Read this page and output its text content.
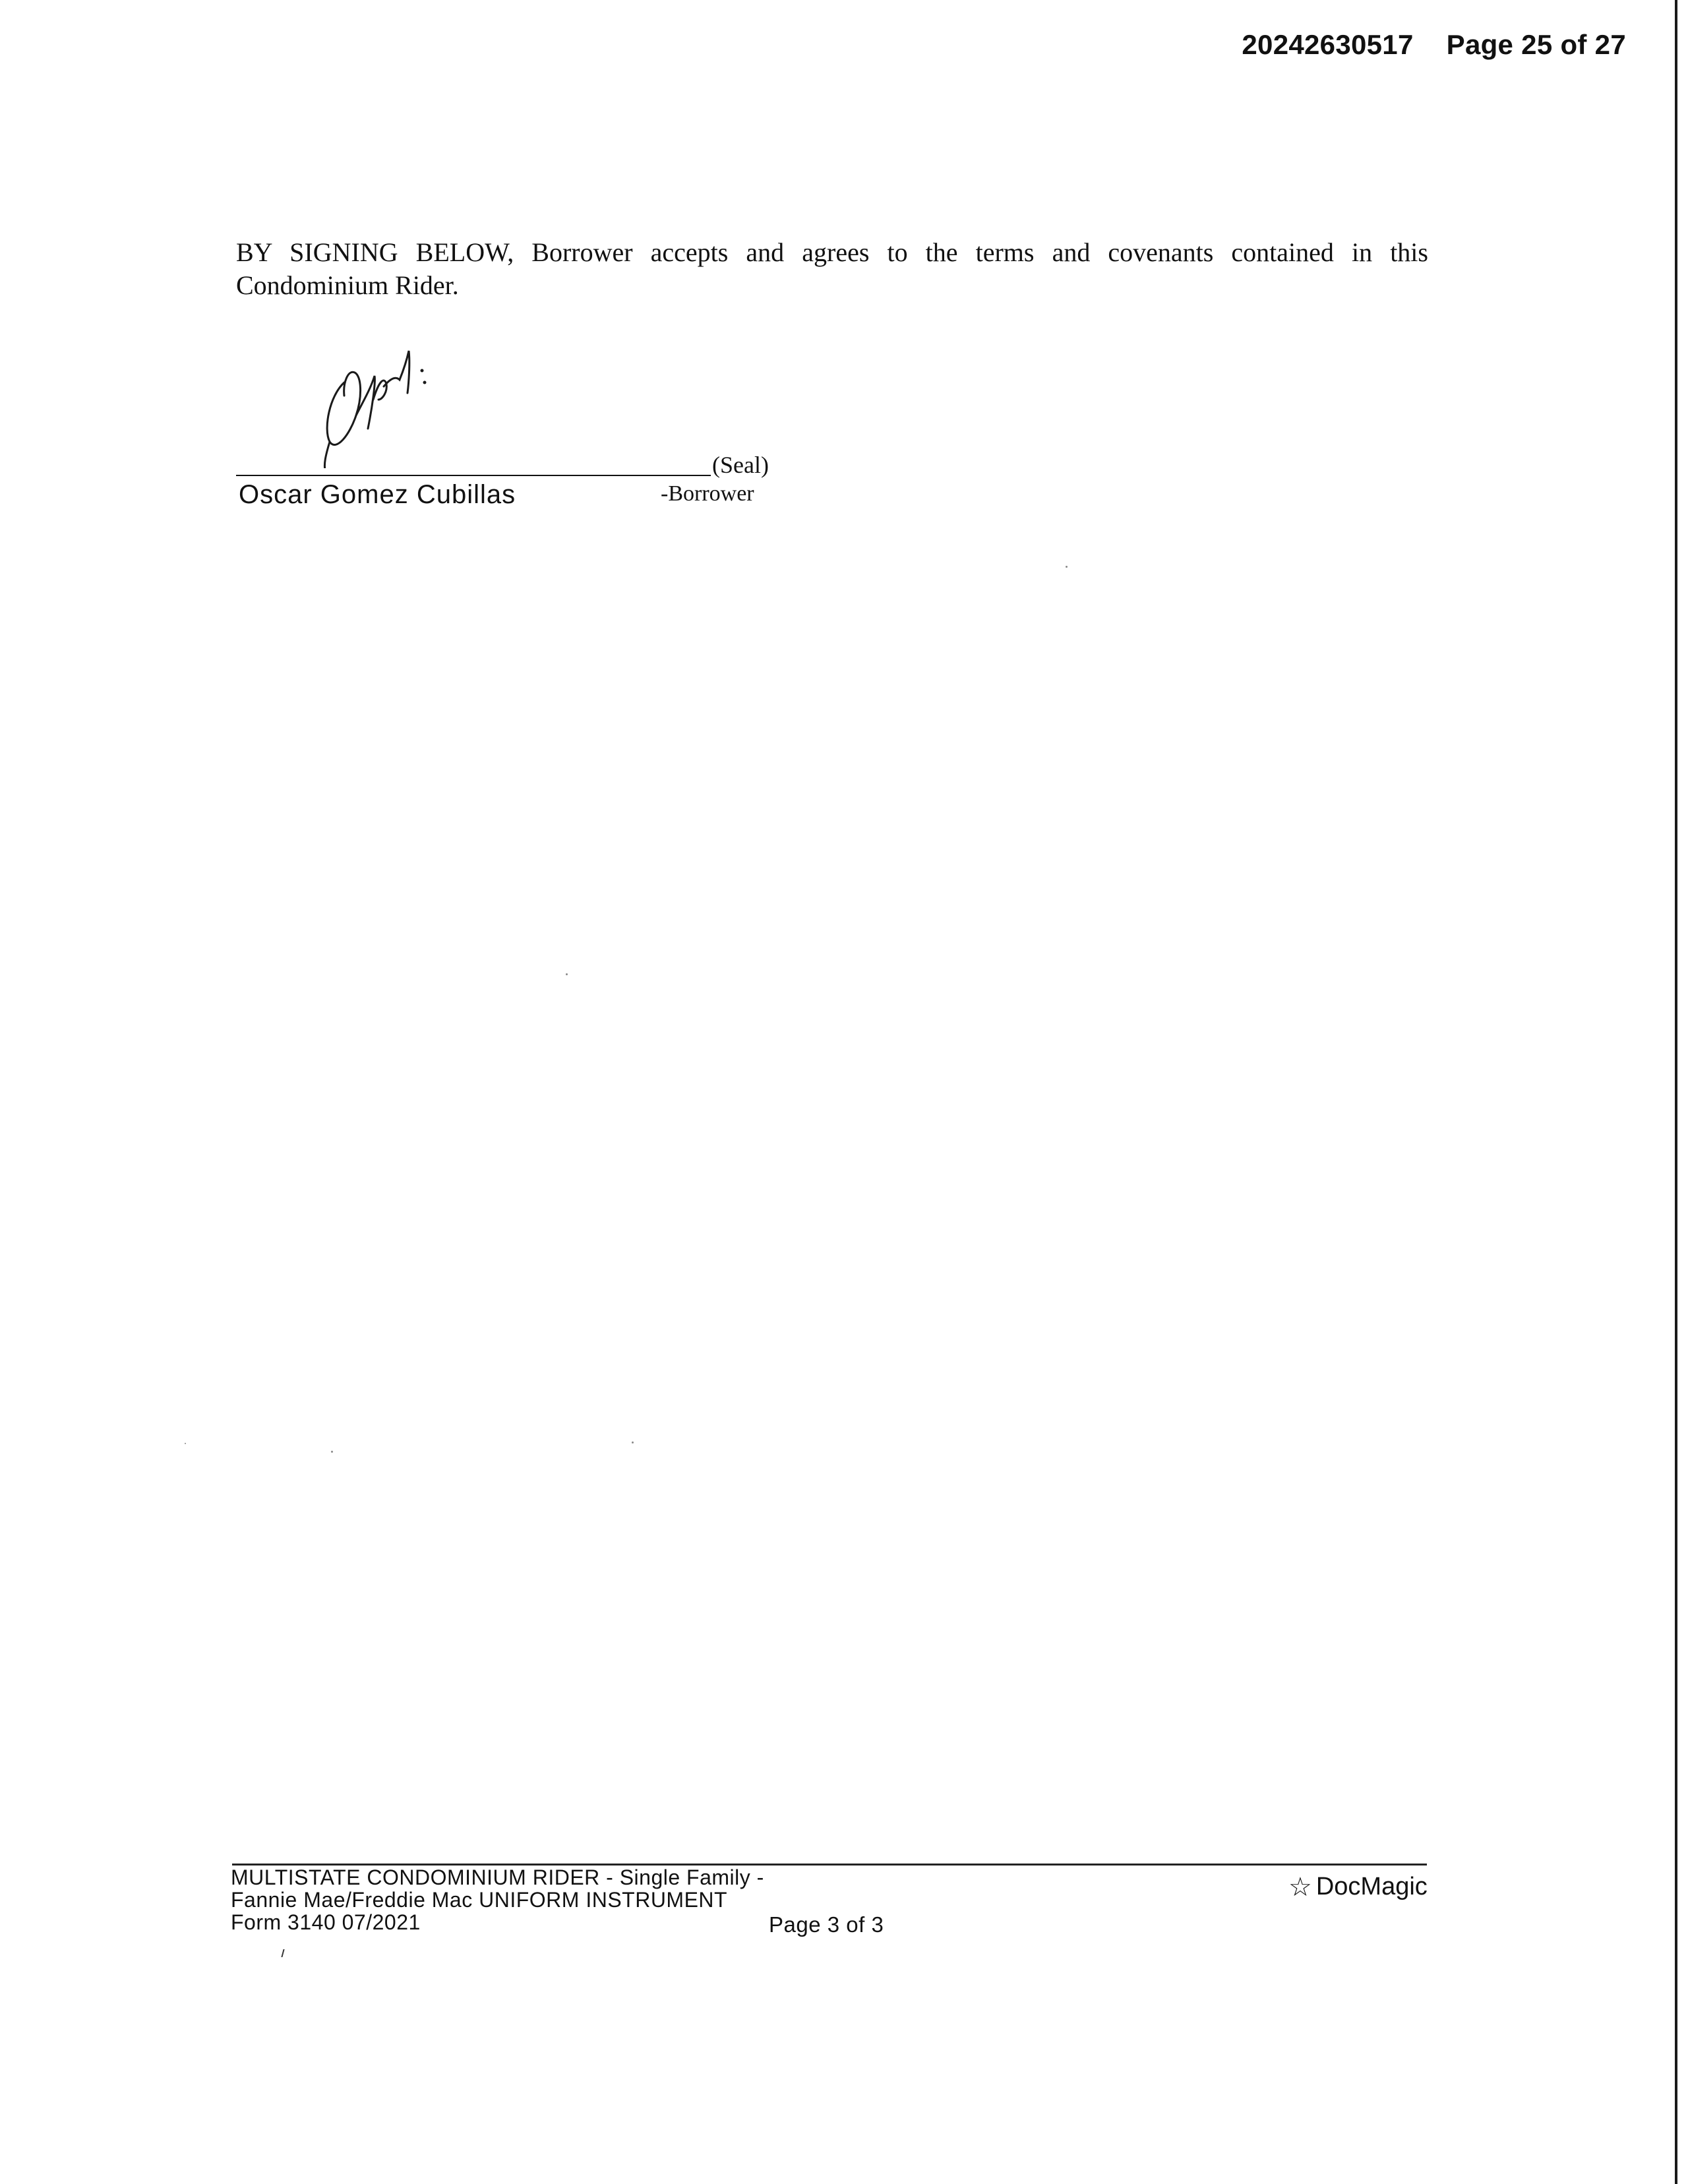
20242630517 Page 25 of 27
BY SIGNING BELOW, Borrower accepts and agrees to the terms and covenants contained in this Condominium Rider.
(Seal)
Oscar Gomez Cubillas	-Borrower
MULTISTATE CONDOMINIUM RIDER - Single Family -
Fannie Mae/Freddie Mac UNIFORM INSTRUMENT
Form 3140 07/2021	Page 3 of 3
☆ DocMagic
